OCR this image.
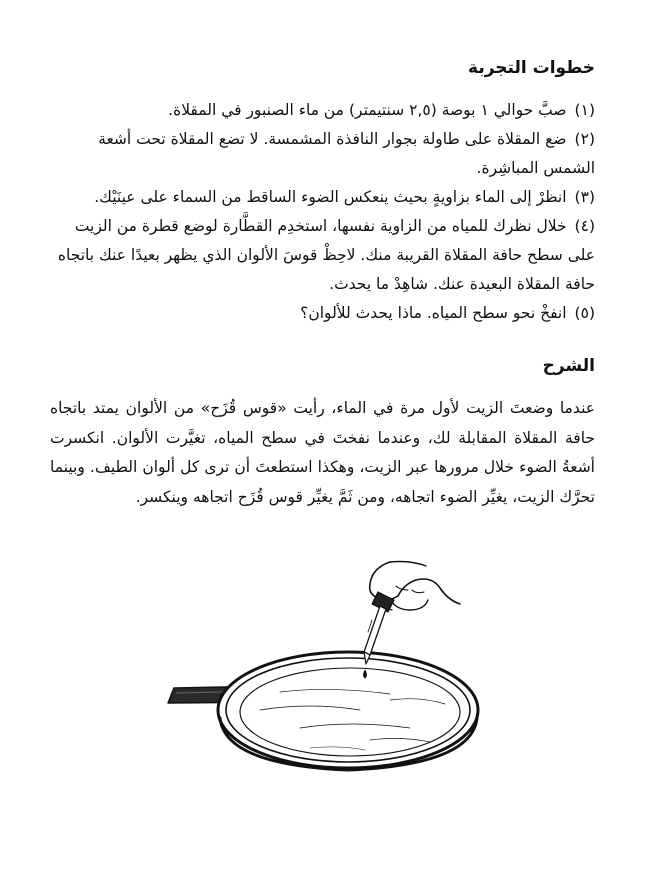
خطوات التجربة
(١)صبَّ حوالي ١ بوصة (٢,٥ سنتيمتر) من ماء الصنبور في المقلاة.
(٢)ضع المقلاة على طاولة بجوار النافذة المشمسة. لا تضع المقلاة تحت أشعة الشمس المباشِرة.
(٣)انظرْ إلى الماء بزاويةٍ بحيث ينعكس الضوء الساقط من السماء على عينَيْك.
(٤)خلال نظرك للمياه من الزاوية نفسها، استخدِم القطَّارة لوضع قطرة من الزيت على سطح حافة المقلاة القريبة منك. لاحِظْ قوسَ الألوان الذي يظهر بعيدًا عنك باتجاه حافة المقلاة البعيدة عنك. شاهِدْ ما يحدث.
(٥)انفخْ نحو سطح المياه. ماذا يحدث للألوان؟
الشرح

عندما وضعتَ الزيت لأول مرة في الماء، رأيت «قوس قُزَح» من الألوان يمتد باتجاه حافة المقلاة المقابلة لك، وعندما نفختَ في سطح المياه، تغيَّرت الألوان. انكسرت أشعةُ الضوء خلال مرورها عبر الزيت، وهكذا استطعتَ أن ترى كل ألوان الطيف. وبينما تحرَّك الزيت، يغيِّر الضوء اتجاهه، ومن ثَمَّ يغيِّر قوس قُزَح اتجاهه وينكسر.
